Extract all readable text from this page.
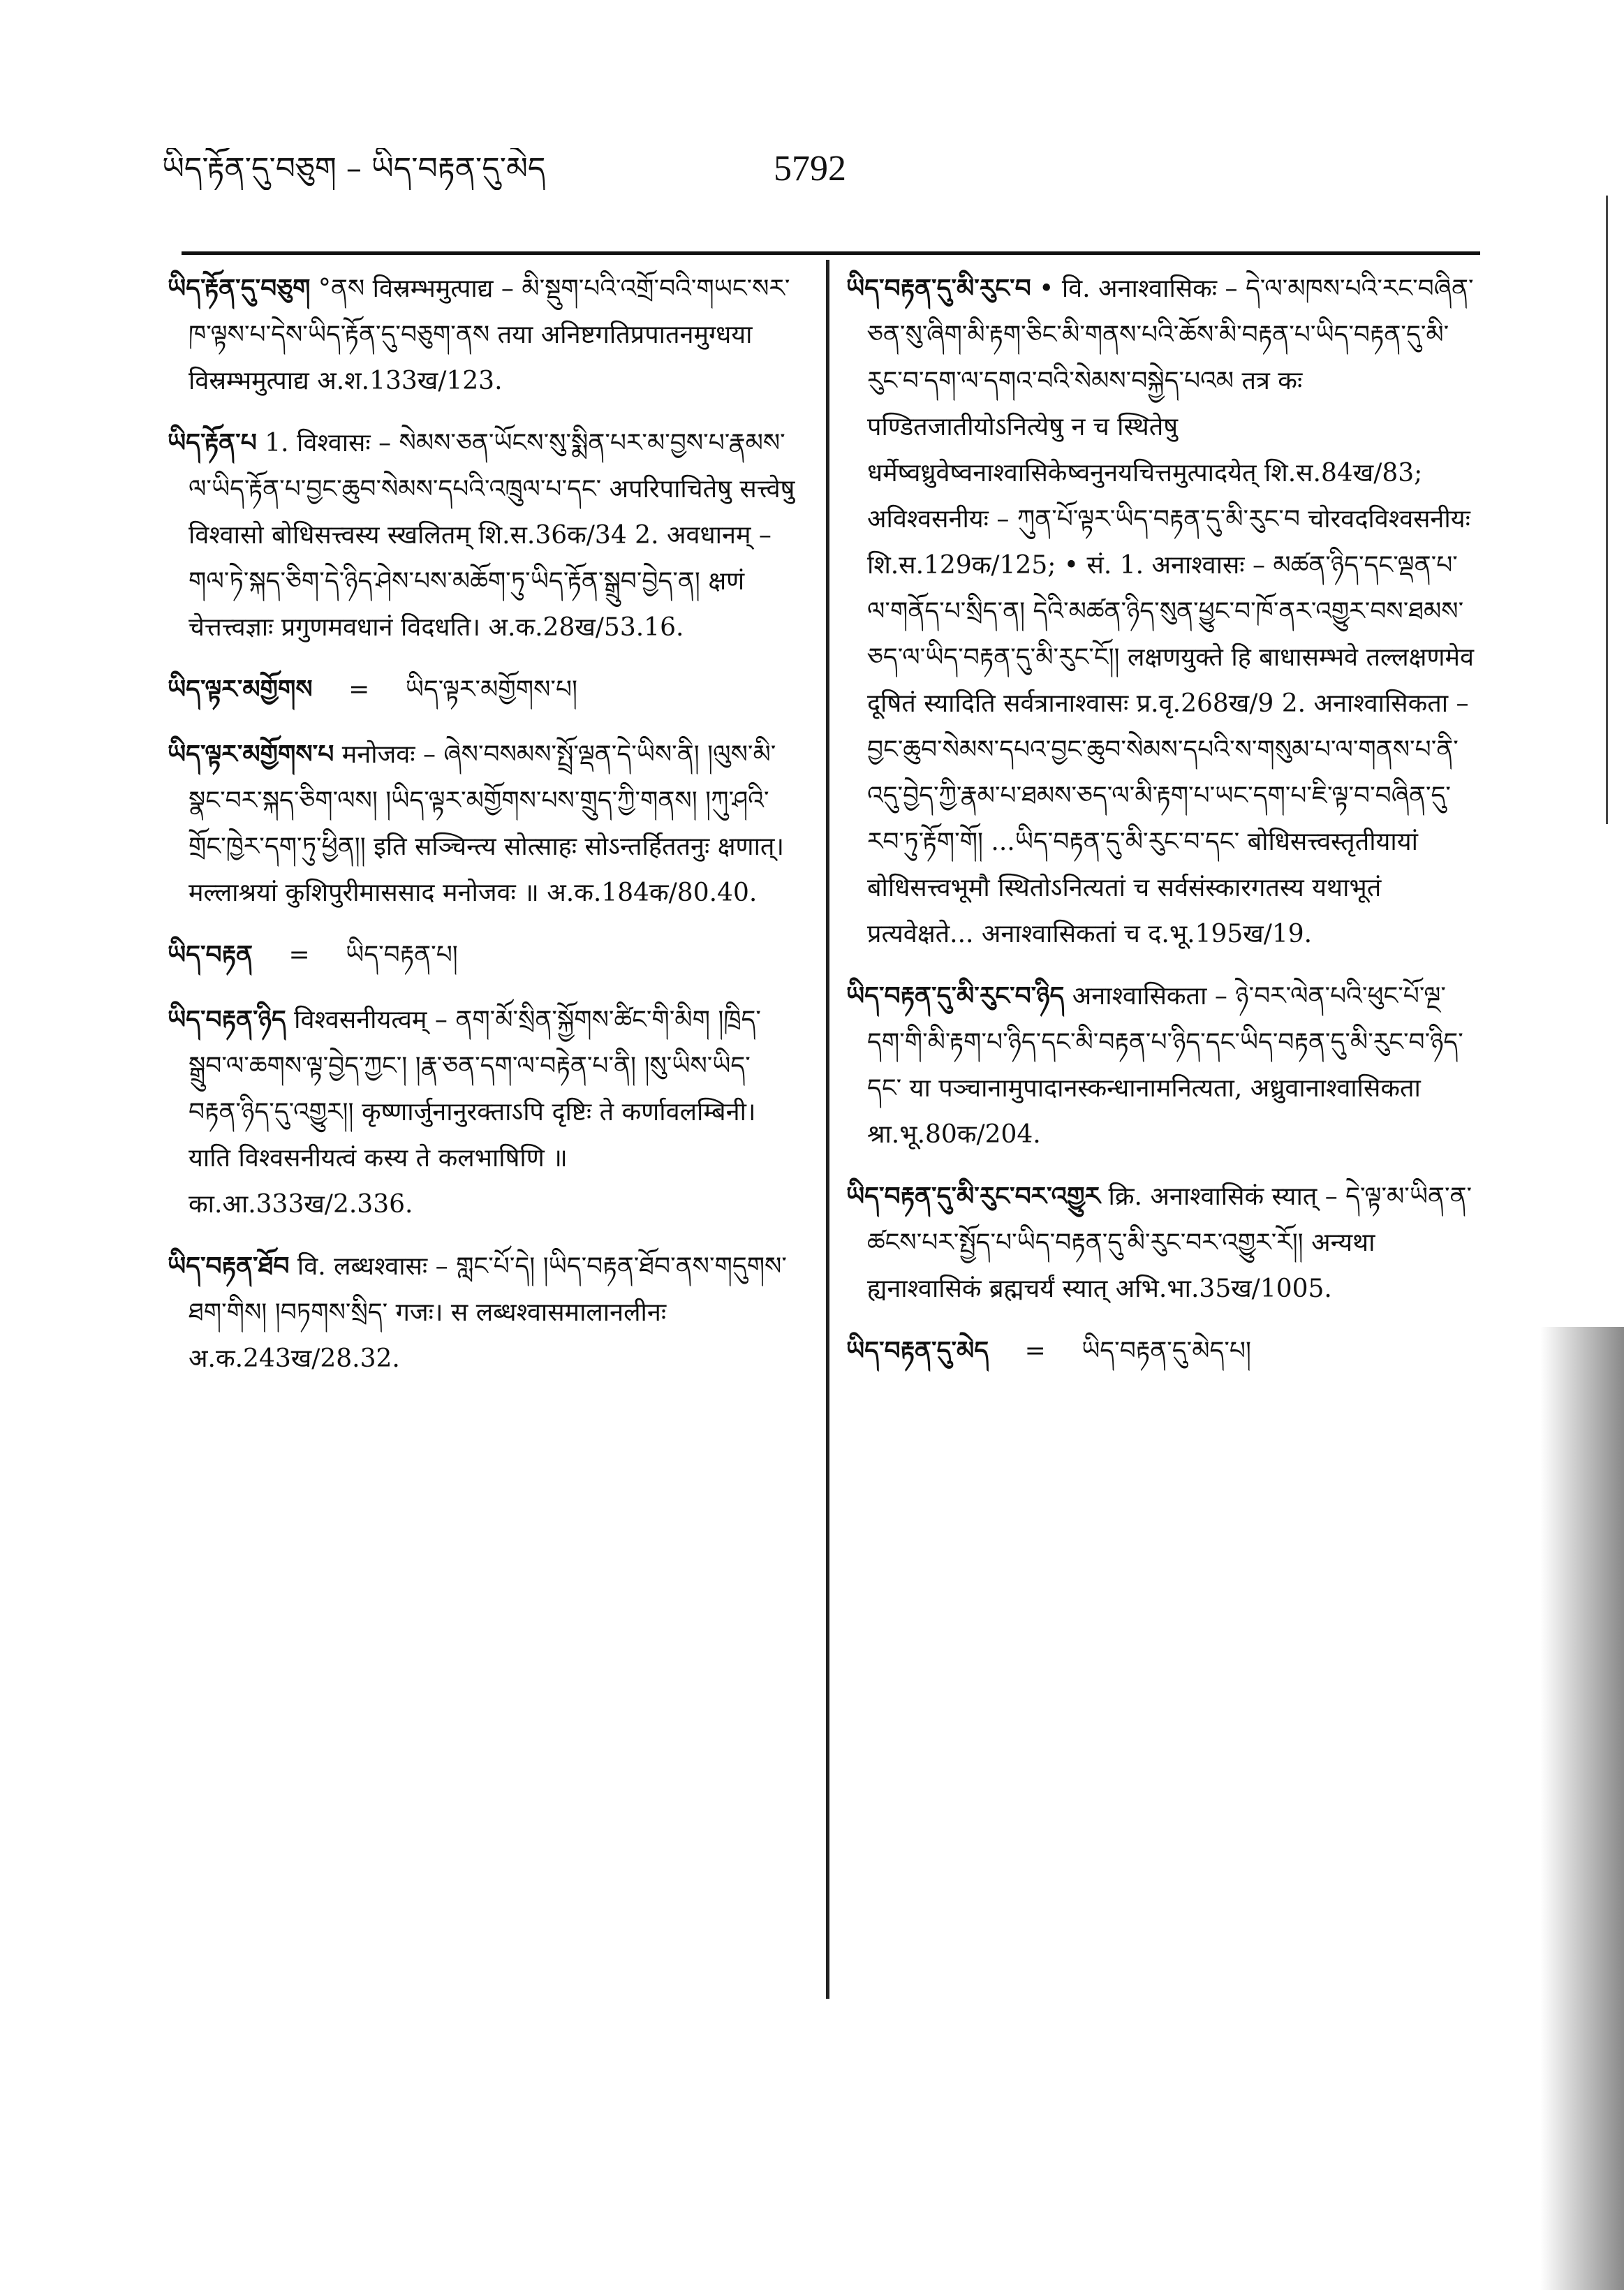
ཡིད་རྟོན་དུ་བཅུག – ཡིད་བརྟན་དུ་མེད	5792
ཡིད་རྟོན་དུ་བཅུག °ནས विस्रम्भमुत्पाद्य – མི་སྡུག་པའི་འགྲོ་བའི་གཡང་སར་ཁ་ལྟས་པ་དེས་ཡིད་རྟོན་དུ་བཅུག་ནས तया अनिष्टगतिप्रपातनमुग्धया विस्रम्भमुत्पाद्य अ.श.133ख/123.
ཡིད་རྟོན་པ 1. विश्वासः – སེམས་ཅན་ཡོངས་སུ་སྨིན་པར་མ་བྱས་པ་རྣམས་ལ་ཡིད་རྟོན་པ་བྱང་ཆུབ་སེམས་དཔའི་འཁྲུལ་པ་དང་ अपरिपाचितेषु सत्त्वेषु विश्वासो बोधिसत्त्वस्य स्खलितम् शि.स.36क/34 2. अवधानम् – གལ་ཏེ་སྐད་ཅིག་དེ་ཉིད་ཤེས་པས་མཆོག་ཏུ་ཡིད་རྟོན་སྒྲུབ་བྱེད་ན། क्षणं चेत्तत्त्वज्ञाः प्रगुणमवधानं विदधति। अ.क.28ख/53.16.
ཡིད་ལྟར་མགྱོགས = ཡིད་ལྟར་མགྱོགས་པ།
ཡིད་ལྟར་མགྱོགས་པ मनोजवः – ཞེས་བསམས་སྤྲོ་ལྡན་དེ་ཡིས་ནི། །ལུས་མི་སྣང་བར་སྐད་ཅིག་ལས། །ཡིད་ལྟར་མགྱོགས་པས་གྲུད་ཀྱི་གནས། །ཀུ་ཤའི་གྲོང་ཁྱེར་དག་ཏུ་ཕྱིན།། इति सञ्चिन्त्य सोत्साहः सोऽन्तर्हिततनुः क्षणात्। मल्लाश्रयां कुशिपुरीमाससाद मनोजवः ॥ अ.क.184क/80.40.
ཡིད་བརྟན = ཡིད་བརྟན་པ།
ཡིད་བརྟན་ཉིད विश्वसनीयत्वम् – ནག་མོ་སྲིན་སྐྱོགས་ཚིང་གི་མིག །ཁྲིད་སྒྲུབ་ལ་ཆགས་ལྟ་བྱེད་ཀྱང་། །རྣ་ཅན་དག་ལ་བརྟེན་པ་ནི། །སུ་ཡིས་ཡིད་བརྟན་ཉིད་དུ་འགྱུར།། कृष्णार्जुनानुरक्ताऽपि दृष्टिः ते कर्णावलम्बिनी। याति विश्वसनीयत्वं कस्य ते कलभाषिणि ॥ का.आ.333ख/2.336.
ཡིད་བརྟན་ཐོབ वि. लब्धश्वासः – གླང་པོ་དེ། །ཡིད་བརྟན་ཐོབ་ནས་གདུགས་ཐག་གིས། །བཏགས་སྲིད་ गजः। स लब्धश्वासमालानलीनः अ.क.243ख/28.32.
ཡིད་བརྟན་དུ་མི་རུང་བ • वि. अनाश्वासिकः – དེ་ལ་མཁས་པའི་རང་བཞིན་ཅན་སུ་ཞིག་མི་རྟག་ཅིང་མི་གནས་པའི་ཆོས་མི་བརྟན་པ་ཡིད་བརྟན་དུ་མི་རུང་བ་དག་ལ་དགའ་བའི་སེམས་བསྐྱེད་པའམ तत्र कः पण्डितजातीयोऽनित्येषु न च स्थितेषु धर्मेष्वध्रुवेष्वनाश्वासिकेष्वनुनयचित्तमुत्पादयेत् शि.स.84ख/83; अविश्वसनीयः – ཀུན་པོ་ལྟར་ཡིད་བརྟན་དུ་མི་རུང་བ चोरवदविश्वसनीयः शि.स.129क/125; • सं. 1. अनाश्वासः – མཚན་ཉིད་དང་ལྡན་པ་ལ་གནོད་པ་སྲིད་ན། དེའི་མཚན་ཉིད་སུན་ཕྱུང་བ་ཁོ་ནར་འགྱུར་བས་ཐམས་ཅད་ལ་ཡིད་བརྟན་དུ་མི་རུང་ངོ།། लक्षणयुक्ते हि बाधासम्भवे तल्लक्षणमेव दूषितं स्यादिति सर्वत्रानाश्वासः प्र.वृ.268ख/9 2. अनाश्वासिकता – བྱང་ཆུབ་སེམས་དཔའ་བྱང་ཆུབ་སེམས་དཔའི་ས་གསུམ་པ་ལ་གནས་པ་ནི་འདུ་བྱེད་ཀྱི་རྣམ་པ་ཐམས་ཅད་ལ་མི་རྟག་པ་ཡང་དག་པ་ཇི་ལྟ་བ་བཞིན་དུ་རབ་ཏུ་རྟོག་གོ། ...ཡིད་བརྟན་དུ་མི་རུང་བ་དང་ बोधिसत्त्वस्तृतीयायां बोधिसत्त्वभूमौ स्थितोऽनित्यतां च सर्वसंस्कारगतस्य यथाभूतं प्रत्यवेक्षते... अनाश्वासिकतां च द.भू.195ख/19.
ཡིད་བརྟན་དུ་མི་རུང་བ་ཉིད अनाश्वासिकता – ཉེ་བར་ལེན་པའི་ཕུང་པོ་ལྔ་དག་གི་མི་རྟག་པ་ཉིད་དང་མི་བརྟན་པ་ཉིད་དང་ཡིད་བརྟན་དུ་མི་རུང་བ་ཉིད་དང་ या पञ्चानामुपादानस्कन्धानामनित्यता, अध्रुवानाश्वासिकता श्रा.भू.80क/204.
ཡིད་བརྟན་དུ་མི་རུང་བར་འགྱུར क्रि. अनाश्वासिकं स्यात् – དེ་ལྟ་མ་ཡིན་ན་ཚངས་པར་སྤྱོད་པ་ཡིད་བརྟན་དུ་མི་རུང་བར་འགྱུར་རོ།། अन्यथा ह्यनाश्वासिकं ब्रह्मचर्यं स्यात् अभि.भा.35ख/1005.
ཡིད་བརྟན་དུ་མེད = ཡིད་བརྟན་དུ་མེད་པ།
